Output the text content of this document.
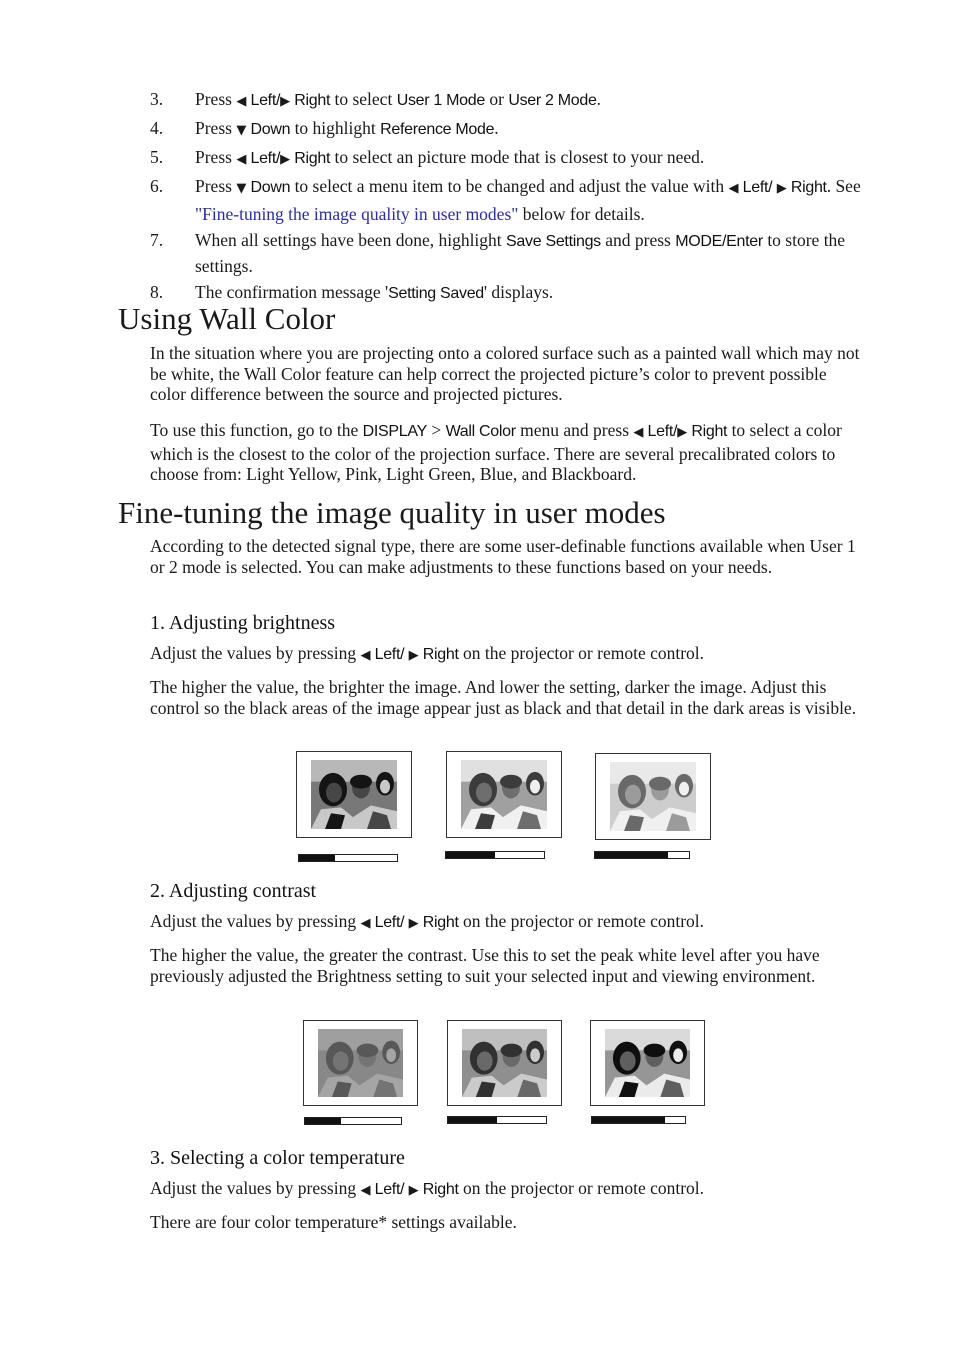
3. Press ◀ Left/▶ Right to select User 1 Mode or User 2 Mode.
4. Press ▼ Down to highlight Reference Mode.
5. Press ◀ Left/▶ Right to select an picture mode that is closest to your need.
6. Press ▼ Down to select a menu item to be changed and adjust the value with ◀ Left/ ▶ Right. See "Fine-tuning the image quality in user modes" below for details.
7. When all settings have been done, highlight Save Settings and press MODE/Enter to store the settings.
8. The confirmation message 'Setting Saved' displays.
Using Wall Color

In the situation where you are projecting onto a colored surface such as a painted wall which may not be white, the Wall Color feature can help correct the projected picture’s color to prevent possible color difference between the source and projected pictures.

To use this function, go to the DISPLAY > Wall Color menu and press ◀ Left/▶ Right to select a color which is the closest to the color of the projection surface. There are several precalibrated colors to choose from: Light Yellow, Pink, Light Green, Blue, and Blackboard.

Fine-tuning the image quality in user modes

According to the detected signal type, there are some user-definable functions available when User 1 or 2 mode is selected. You can make adjustments to these functions based on your needs.

1. Adjusting brightness

Adjust the values by pressing ◀ Left/ ▶ Right on the projector or remote control.

The higher the value, the brighter the image. And lower the setting, darker the image. Adjust this control so the black areas of the image appear just as black and that detail in the dark areas is visible.

2. Adjusting contrast

Adjust the values by pressing ◀ Left/ ▶ Right on the projector or remote control.

The higher the value, the greater the contrast. Use this to set the peak white level after you have previously adjusted the Brightness setting to suit your selected input and viewing environment.

3. Selecting a color temperature

Adjust the values by pressing ◀ Left/ ▶ Right on the projector or remote control.

There are four color temperature* settings available.
